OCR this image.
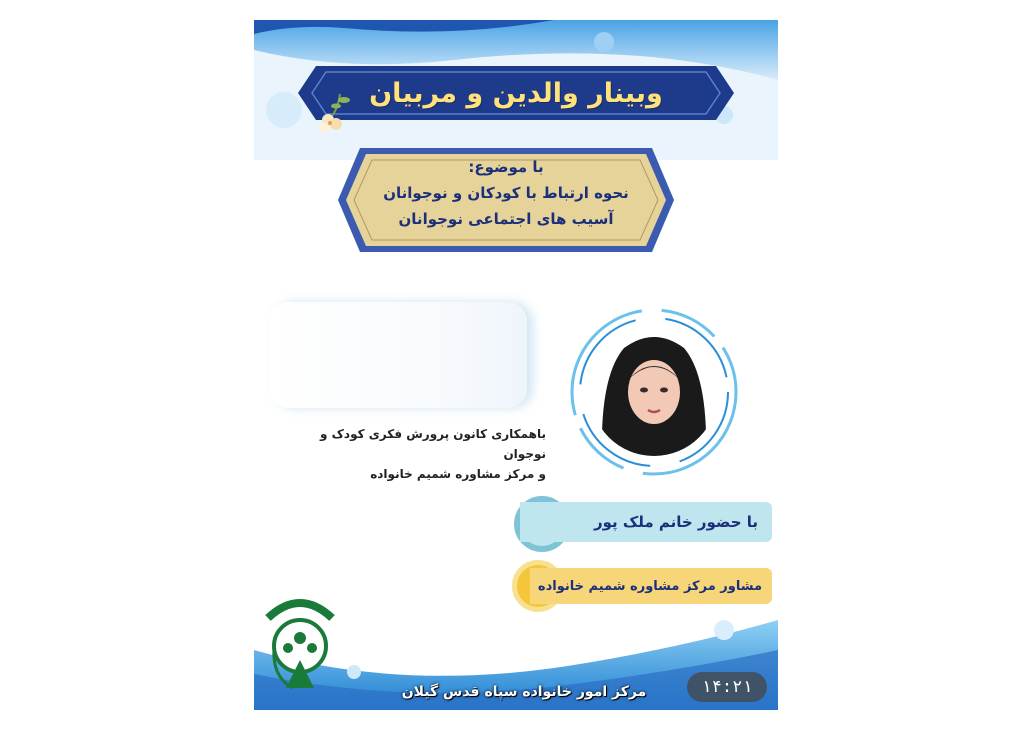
وبینار والدین و مربیان
با موضوع:
نحوه ارتباط با کودکان و نوجوانان
آسیب های اجتماعی نوجوانان
باهمکاری کانون پرورش فکری کودک و نوجوان
و مرکز مشاوره شمیم خانواده
با حضور خانم ملک پور
مشاور مرکز مشاوره شمیم خانواده
مرکز امور خانواده سپاه قدس گیلان	۱۴:۲۱
